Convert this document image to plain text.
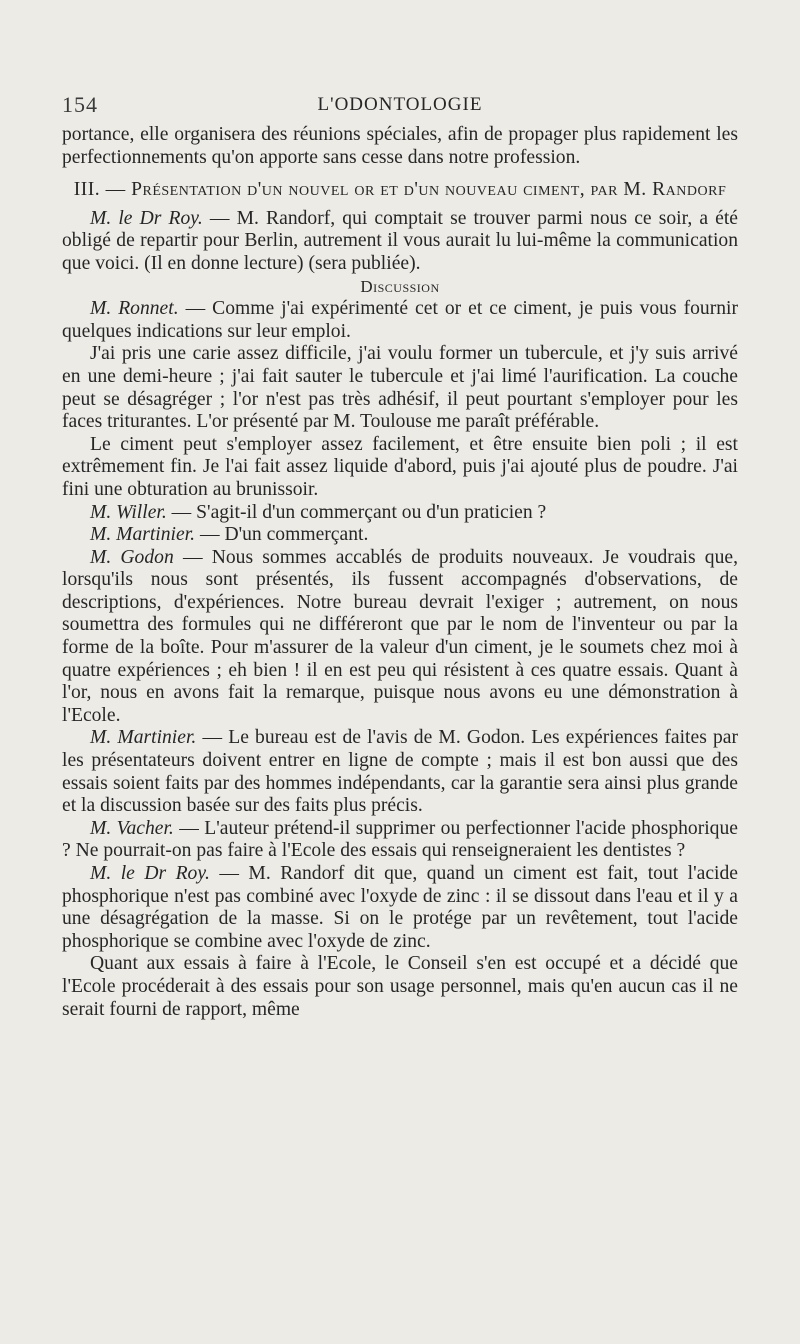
154	L'ODONTOLOGIE

portance, elle organisera des réunions spéciales, afin de propager plus rapidement les perfectionnements qu'on apporte sans cesse dans notre profession.

III. — Présentation d'un nouvel or et d'un nouveau ciment, par M. Randorf

M. le Dr Roy. — M. Randorf, qui comptait se trouver parmi nous ce soir, a été obligé de repartir pour Berlin, autrement il vous aurait lu lui-même la communication que voici. (Il en donne lecture) (sera publiée).

Discussion

M. Ronnet. — Comme j'ai expérimenté cet or et ce ciment, je puis vous fournir quelques indications sur leur emploi.

J'ai pris une carie assez difficile, j'ai voulu former un tubercule, et j'y suis arrivé en une demi-heure ; j'ai fait sauter le tubercule et j'ai limé l'aurification. La couche peut se désagréger ; l'or n'est pas très adhésif, il peut pourtant s'employer pour les faces triturantes. L'or présenté par M. Toulouse me paraît préférable.

Le ciment peut s'employer assez facilement, et être ensuite bien poli ; il est extrêmement fin. Je l'ai fait assez liquide d'abord, puis j'ai ajouté plus de poudre. J'ai fini une obturation au brunissoir.

M. Willer. — S'agit-il d'un commerçant ou d'un praticien ?

M. Martinier. — D'un commerçant.

M. Godon — Nous sommes accablés de produits nouveaux. Je voudrais que, lorsqu'ils nous sont présentés, ils fussent accompagnés d'observations, de descriptions, d'expériences. Notre bureau devrait l'exiger ; autrement, on nous soumettra des formules qui ne différeront que par le nom de l'inventeur ou par la forme de la boîte. Pour m'assurer de la valeur d'un ciment, je le soumets chez moi à quatre expériences ; eh bien ! il en est peu qui résistent à ces quatre essais. Quant à l'or, nous en avons fait la remarque, puisque nous avons eu une démonstration à l'Ecole.

M. Martinier. — Le bureau est de l'avis de M. Godon. Les expériences faites par les présentateurs doivent entrer en ligne de compte ; mais il est bon aussi que des essais soient faits par des hommes indépendants, car la garantie sera ainsi plus grande et la discussion basée sur des faits plus précis.

M. Vacher. — L'auteur prétend-il supprimer ou perfectionner l'acide phosphorique ? Ne pourrait-on pas faire à l'Ecole des essais qui renseigneraient les dentistes ?

M. le Dr Roy. — M. Randorf dit que, quand un ciment est fait, tout l'acide phosphorique n'est pas combiné avec l'oxyde de zinc : il se dissout dans l'eau et il y a une désagrégation de la masse. Si on le protége par un revêtement, tout l'acide phosphorique se combine avec l'oxyde de zinc.

Quant aux essais à faire à l'Ecole, le Conseil s'en est occupé et a décidé que l'Ecole procéderait à des essais pour son usage personnel, mais qu'en aucun cas il ne serait fourni de rapport, même
